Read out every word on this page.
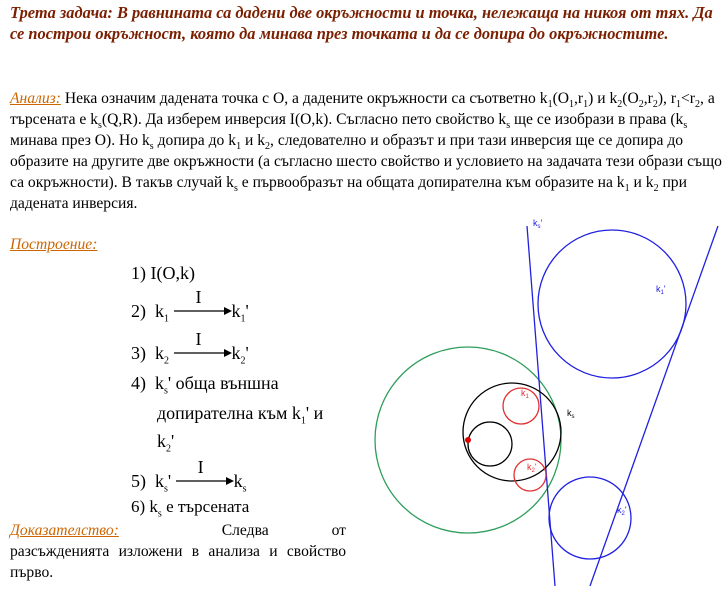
Трета задача: В равнината са дадени две окръжности и точка, нележаща на никоя от тях. Да се построи окръжност, която да минава през точката и да се допира до окръжностите.
Анализ: Нека означим дадената точка с O, а дадените окръжности са съответно $k_1(O_1,r_1)$ и $k_2(O_2,r_2)$, $r_1<r_2$, а търсената е $k_s(Q,R)$. Да изберем инверсия I(O,k). Съгласно пето свойство $k_s$ ще се изобрази в права ($k_s$ минава през O). Но $k_s$ допира до $k_1$ и $k_2$, следователно и образът и при тази инверсия ще се допира до образите на другите две окръжности (а съгласно шесто свойство и условието на задачата тези образи също са окръжности). В такъв случай $k_s$ е първообразът на общата допирателна към образите на $k_1$ и $k_2$ при дадената инверсия.
Построение:
1) I(O,k)
2) $k_1$
I
$k_1'$
3) $k_2$
I
$k_2'$
4) $k_s'$ обща външна
допирателна към $k_1'$ и
$k_2'$
5) $k_s'$
I
$k_s$
6) $k_s$ е търсената
Доказателство:	Следва	от
разсъжденията изложени в анализа и свойство първо.
$k_s'$
$k_1'$
$k_2'$
$k_1$
$k_2'$
$k_s$
